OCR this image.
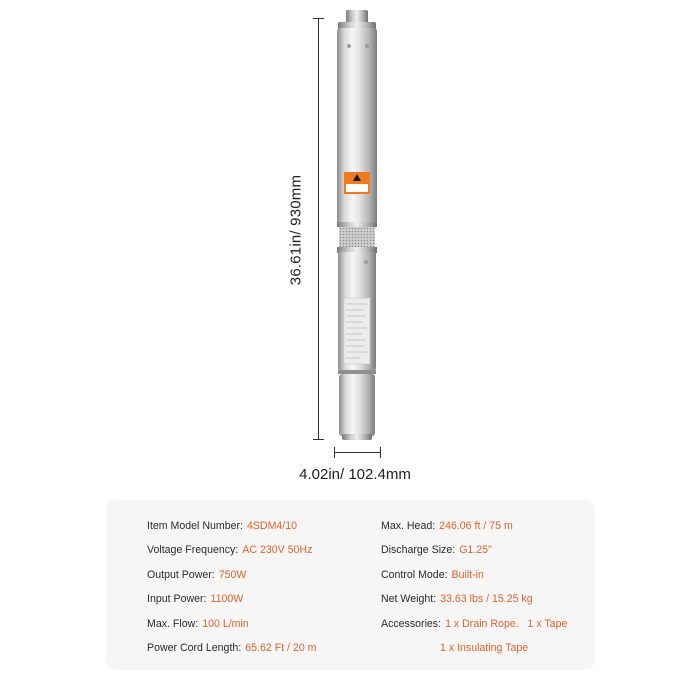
36.61in/ 930mm
4.02in/ 102.4mm
Item Model Number: 4SDM4/10
Voltage Frequency: AC 230V 50Hz
Output Power: 750W
Input Power: 1100W
Max. Flow: 100 L/min
Power Cord Length: 65.62 Ft / 20 m
Max. Head: 246.06 ft / 75 m
Discharge Size: G1.25"
Control Mode: Built-in
Net Weight: 33.63 lbs / 15.25 kg
Accessories: 1 x Drain Rope.   1 x Tape
1 x Insulating Tape
